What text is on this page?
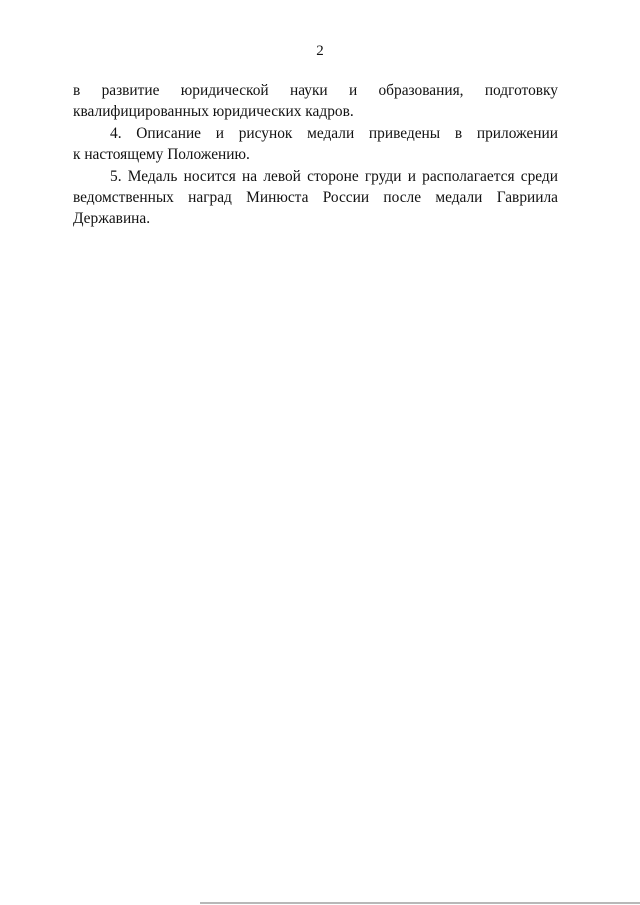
2
в развитие юридической науки и образования, подготовку
квалифицированных юридических кадров.
4. Описание и рисунок медали приведены в приложении
к настоящему Положению.
5. Медаль носится на левой стороне груди и располагается среди
ведомственных наград Минюста России после медали Гавриила
Державина.
